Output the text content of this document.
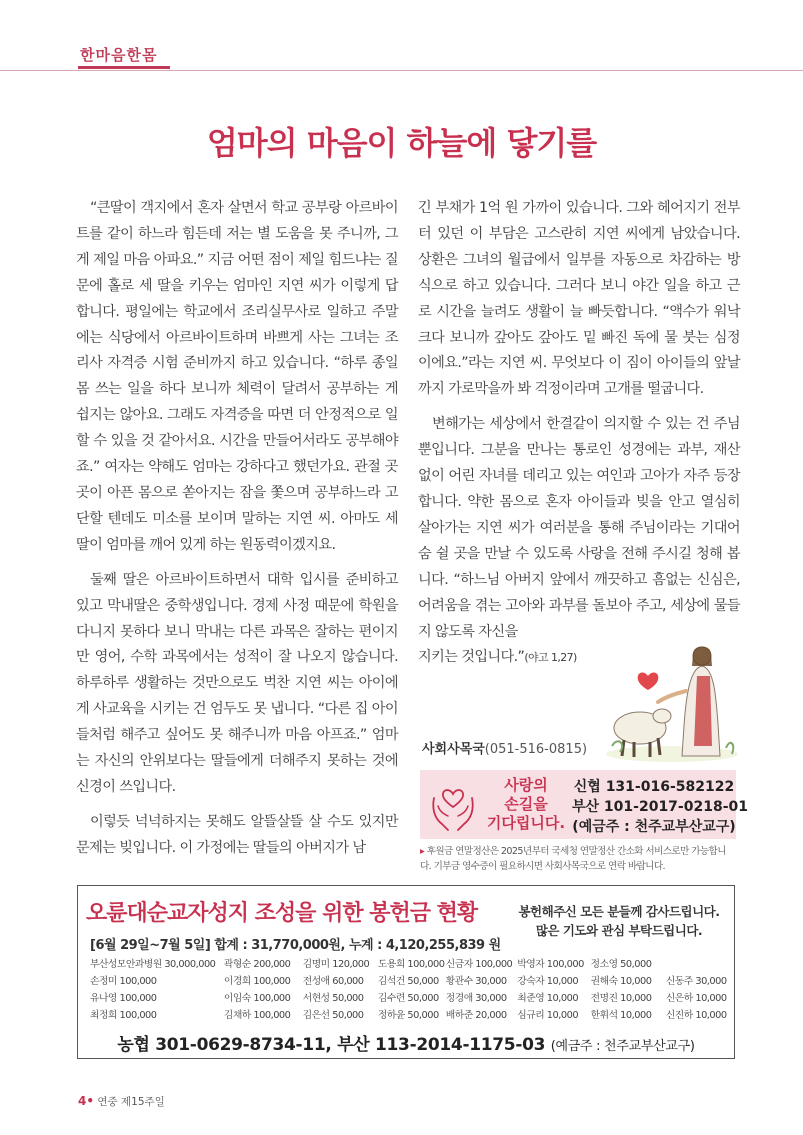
한마음한몸
엄마의 마음이 하늘에 닿기를

“큰딸이 객지에서 혼자 살면서 학교 공부랑 아르바이트를 같이 하느라 힘든데 저는 별 도움을 못 주니까, 그게 제일 마음 아파요.” 지금 어떤 점이 제일 힘드냐는 질문에 홀로 세 딸을 키우는 엄마인 지연 씨가 이렇게 답합니다. 평일에는 학교에서 조리실무사로 일하고 주말에는 식당에서 아르바이트하며 바쁘게 사는 그녀는 조리사 자격증 시험 준비까지 하고 있습니다. “하루 종일 몸 쓰는 일을 하다 보니까 체력이 달려서 공부하는 게 쉽지는 않아요. 그래도 자격증을 따면 더 안정적으로 일할 수 있을 것 같아서요. 시간을 만들어서라도 공부해야죠.” 여자는 약해도 엄마는 강하다고 했던가요. 관절 곳곳이 아픈 몸으로 쏟아지는 잠을 쫓으며 공부하느라 고단할 텐데도 미소를 보이며 말하는 지연 씨. 아마도 세 딸이 엄마를 깨어 있게 하는 원동력이겠지요.

둘째 딸은 아르바이트하면서 대학 입시를 준비하고 있고 막내딸은 중학생입니다. 경제 사정 때문에 학원을 다니지 못하다 보니 막내는 다른 과목은 잘하는 편이지만 영어, 수학 과목에서는 성적이 잘 나오지 않습니다. 하루하루 생활하는 것만으로도 벅찬 지연 씨는 아이에게 사교육을 시키는 건 엄두도 못 냅니다. “다른 집 아이들처럼 해주고 싶어도 못 해주니까 마음 아프죠.” 엄마는 자신의 안위보다는 딸들에게 더해주지 못하는 것에 신경이 쓰입니다.

이렇듯 넉넉하지는 못해도 알뜰살뜰 살 수도 있지만 문제는 빚입니다. 이 가정에는 딸들의 아버지가 남

긴 부채가 1억 원 가까이 있습니다. 그와 헤어지기 전부터 있던 이 부담은 고스란히 지연 씨에게 남았습니다. 상환은 그녀의 월급에서 일부를 자동으로 차감하는 방식으로 하고 있습니다. 그러다 보니 야간 일을 하고 근로 시간을 늘려도 생활이 늘 빠듯합니다. “액수가 워낙 크다 보니까 갚아도 갚아도 밑 빠진 독에 물 붓는 심정이에요.”라는 지연 씨. 무엇보다 이 짐이 아이들의 앞날까지 가로막을까 봐 걱정이라며 고개를 떨굽니다.

변해가는 세상에서 한결같이 의지할 수 있는 건 주님뿐입니다. 그분을 만나는 통로인 성경에는 과부, 재산 없이 어린 자녀를 데리고 있는 여인과 고아가 자주 등장합니다. 약한 몸으로 혼자 아이들과 빚을 안고 열심히 살아가는 지연 씨가 여러분을 통해 주님이라는 기대어 숨 쉴 곳을 만날 수 있도록 사랑을 전해 주시길 청해 봅니다. “하느님 아버지 앞에서 깨끗하고 흠없는 신심은, 어려움을 겪는 고아와 과부를 돌보아 주고, 세상에 물들지 않도록 자신을

지키는 것입니다.”(야고 1,27)
사회사목국(051-516-0815)
사랑의
손길을
기다립니다.
신협 131-016-582122
부산 101-2017-0218-01
(예금주 : 천주교부산교구)
▸ 후원금 연말정산은 2025년부터 국세청 연말정산 간소화 서비스로만 가능합니다. 기부금 영수증이 필요하시면 사회사목국으로 연락 바랍니다.
오륜대순교자성지 조성을 위한 봉헌금 현황	봉헌해주신 모든 분들께 감사드립니다.
많은 기도와 관심 부탁드립니다.
[6월 29일~7월 5일] 합계 : 31,770,000원, 누계 : 4,120,255,839 원
부산성모안과병원 30,000,000 곽형순 200,000	김명미 120,000 도용희 100,000 신금자 100,000 박영자 100,000 정소영 50,000
손정미 100,000	이경희 100,000	전성애 60,000	김석건 50,000 황관수 30,000	강숙자 10,000	권해숙 10,000	신동주 30,000
유나영 100,000	이임숙 100,000	서현성 50,000	김수련 50,000 정경애 30,000	최준영 10,000	전명진 10,000	신은하 10,000
최정희 100,000	김채하 100,000	김은선 50,000	정하윤 50,000 배하준 20,000	심규리 10,000	한휘석 10,000	신진하 10,000
농협 301-0629-8734-11, 부산 113-2014-1175-03 (예금주 : 천주교부산교구)
4• 연중 제15주일
